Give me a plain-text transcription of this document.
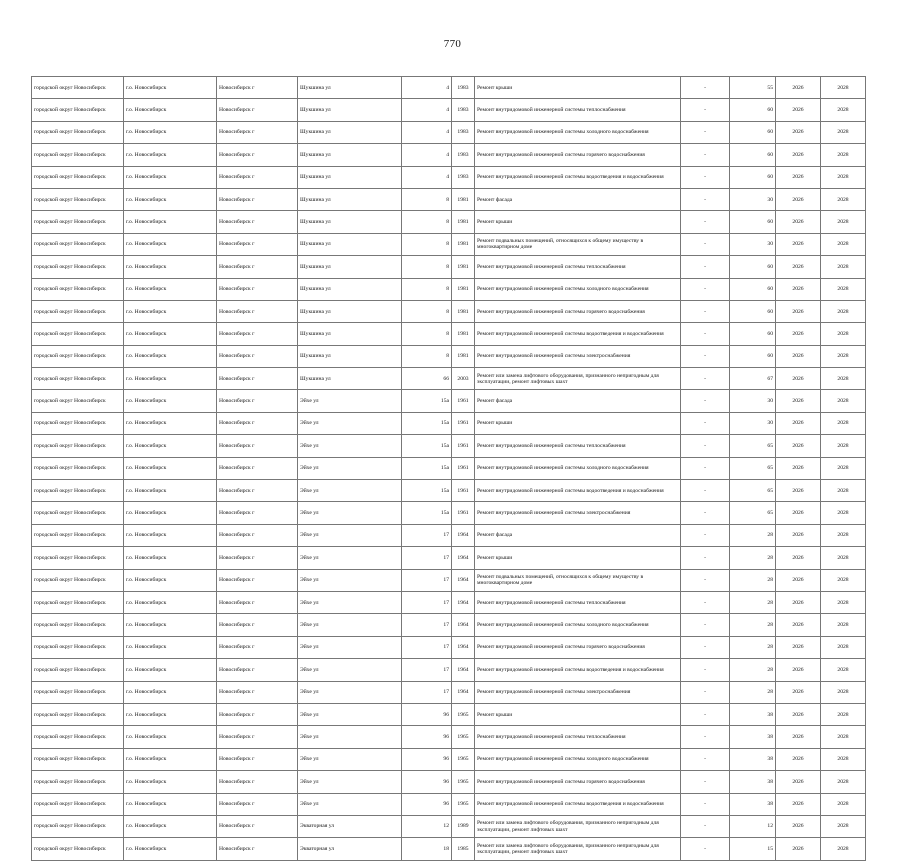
770
городской округ Новосибирск	г.о. Новосибирск	Новосибирск г	Шукшина ул	4	1983	Ремонт крыши	-	55	2026	2028
городской округ Новосибирск	г.о. Новосибирск	Новосибирск г	Шукшина ул	4	1983	Ремонт внутридомовой инженерной системы теплоснабжения	-	60	2026	2028
городской округ Новосибирск	г.о. Новосибирск	Новосибирск г	Шукшина ул	4	1983	Ремонт внутридомовой инженерной системы холодного водоснабжения	-	60	2026	2028
городской округ Новосибирск	г.о. Новосибирск	Новосибирск г	Шукшина ул	4	1983	Ремонт внутридомовой инженерной системы горячего водоснабжения	-	60	2026	2028
городской округ Новосибирск	г.о. Новосибирск	Новосибирск г	Шукшина ул	4	1983	Ремонт внутридомовой инженерной системы водоотведения и водоснабжения	-	60	2026	2028
городской округ Новосибирск	г.о. Новосибирск	Новосибирск г	Шукшина ул	8	1981	Ремонт фасада	-	30	2026	2028
городской округ Новосибирск	г.о. Новосибирск	Новосибирск г	Шукшина ул	8	1981	Ремонт крыши	-	60	2026	2028
городской округ Новосибирск	г.о. Новосибирск	Новосибирск г	Шукшина ул	8	1981	Ремонт подвальных помещений, относящихся к общему имуществу в многоквартирном доме	-	30	2026	2028
городской округ Новосибирск	г.о. Новосибирск	Новосибирск г	Шукшина ул	8	1981	Ремонт внутридомовой инженерной системы теплоснабжения	-	60	2026	2028
городской округ Новосибирск	г.о. Новосибирск	Новосибирск г	Шукшина ул	8	1981	Ремонт внутридомовой инженерной системы холодного водоснабжения	-	60	2026	2028
городской округ Новосибирск	г.о. Новосибирск	Новосибирск г	Шукшина ул	8	1981	Ремонт внутридомовой инженерной системы горячего водоснабжения	-	60	2026	2028
городской округ Новосибирск	г.о. Новосибирск	Новосибирск г	Шукшина ул	8	1981	Ремонт внутридомовой инженерной системы водоотведения и водоснабжения	-	60	2026	2028
городской округ Новосибирск	г.о. Новосибирск	Новосибирск г	Шукшина ул	8	1981	Ремонт внутридомовой инженерной системы электроснабжения	-	60	2026	2028
городской округ Новосибирск	г.о. Новосибирск	Новосибирск г	Шукшина ул	66	2003	Ремонт или замена лифтового оборудования, признанного непригодным для эксплуатации, ремонт лифтовых шахт	-	67	2026	2028
городской округ Новосибирск	г.о. Новосибирск	Новосибирск г	Эйхе ул	15а	1961	Ремонт фасада	-	30	2026	2028
городской округ Новосибирск	г.о. Новосибирск	Новосибирск г	Эйхе ул	15а	1961	Ремонт крыши	-	30	2026	2028
городской округ Новосибирск	г.о. Новосибирск	Новосибирск г	Эйхе ул	15а	1961	Ремонт внутридомовой инженерной системы теплоснабжения	-	65	2026	2028
городской округ Новосибирск	г.о. Новосибирск	Новосибирск г	Эйхе ул	15а	1961	Ремонт внутридомовой инженерной системы холодного водоснабжения	-	65	2026	2028
городской округ Новосибирск	г.о. Новосибирск	Новосибирск г	Эйхе ул	15а	1961	Ремонт внутридомовой инженерной системы водоотведения и водоснабжения	-	65	2026	2028
городской округ Новосибирск	г.о. Новосибирск	Новосибирск г	Эйхе ул	15а	1961	Ремонт внутридомовой инженерной системы электроснабжения	-	65	2026	2028
городской округ Новосибирск	г.о. Новосибирск	Новосибирск г	Эйхе ул	17	1964	Ремонт фасада	-	28	2026	2028
городской округ Новосибирск	г.о. Новосибирск	Новосибирск г	Эйхе ул	17	1964	Ремонт крыши	-	28	2026	2028
городской округ Новосибирск	г.о. Новосибирск	Новосибирск г	Эйхе ул	17	1964	Ремонт подвальных помещений, относящихся к общему имуществу в многоквартирном доме	-	28	2026	2028
городской округ Новосибирск	г.о. Новосибирск	Новосибирск г	Эйхе ул	17	1964	Ремонт внутридомовой инженерной системы теплоснабжения	-	28	2026	2028
городской округ Новосибирск	г.о. Новосибирск	Новосибирск г	Эйхе ул	17	1964	Ремонт внутридомовой инженерной системы холодного водоснабжения	-	28	2026	2028
городской округ Новосибирск	г.о. Новосибирск	Новосибирск г	Эйхе ул	17	1964	Ремонт внутридомовой инженерной системы горячего водоснабжения	-	28	2026	2028
городской округ Новосибирск	г.о. Новосибирск	Новосибирск г	Эйхе ул	17	1964	Ремонт внутридомовой инженерной системы водоотведения и водоснабжения	-	28	2026	2028
городской округ Новосибирск	г.о. Новосибирск	Новосибирск г	Эйхе ул	17	1964	Ремонт внутридомовой инженерной системы электроснабжения	-	28	2026	2028
городской округ Новосибирск	г.о. Новосибирск	Новосибирск г	Эйхе ул	96	1965	Ремонт крыши	-	38	2026	2028
городской округ Новосибирск	г.о. Новосибирск	Новосибирск г	Эйхе ул	96	1965	Ремонт внутридомовой инженерной системы теплоснабжения	-	38	2026	2028
городской округ Новосибирск	г.о. Новосибирск	Новосибирск г	Эйхе ул	96	1965	Ремонт внутридомовой инженерной системы холодного водоснабжения	-	38	2026	2028
городской округ Новосибирск	г.о. Новосибирск	Новосибирск г	Эйхе ул	96	1965	Ремонт внутридомовой инженерной системы горячего водоснабжения	-	38	2026	2028
городской округ Новосибирск	г.о. Новосибирск	Новосибирск г	Эйхе ул	96	1965	Ремонт внутридомовой инженерной системы водоотведения и водоснабжения	-	38	2026	2028
городской округ Новосибирск	г.о. Новосибирск	Новосибирск г	Экваторная ул	12	1989	Ремонт или замена лифтового оборудования, признанного непригодным для эксплуатации, ремонт лифтовых шахт	-	12	2026	2028
городской округ Новосибирск	г.о. Новосибирск	Новосибирск г	Экваторная ул	18	1985	Ремонт или замена лифтового оборудования, признанного непригодным для эксплуатации, ремонт лифтовых шахт	-	15	2026	2028
